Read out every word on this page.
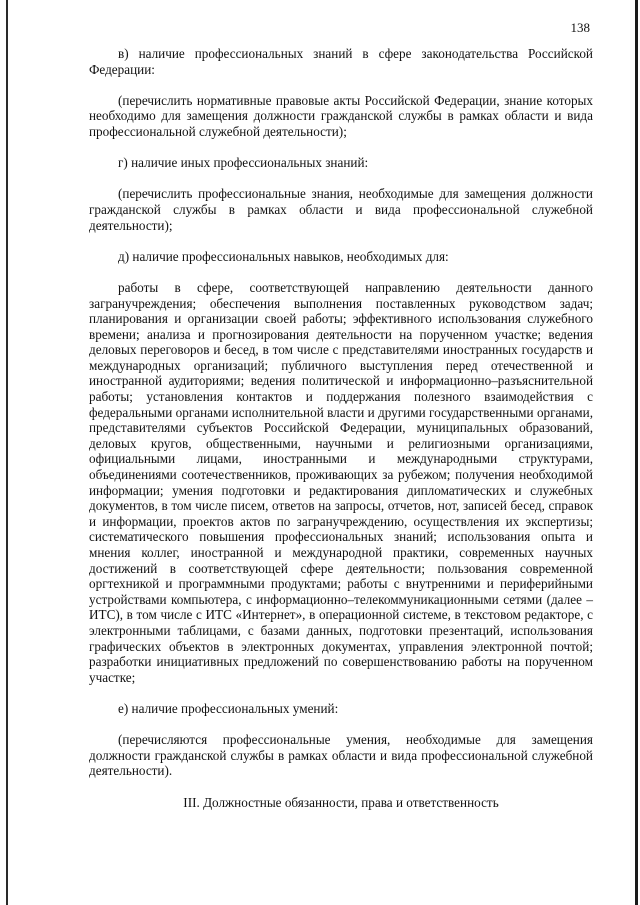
138

в) наличие профессиональных знаний в сфере законодательства Российской Федерации:

(перечислить нормативные правовые акты Российской Федерации, знание которых необходимо для замещения должности гражданской службы в рамках области и вида профессиональной служебной деятельности);

г) наличие иных профессиональных знаний:

(перечислить профессиональные знания, необходимые для замещения должности гражданской службы в рамках области и вида профессиональной служебной деятельности);

д) наличие профессиональных навыков, необходимых для:

работы в сфере, соответствующей направлению деятельности данного загранучреждения; обеспечения выполнения поставленных руководством задач; планирования и организации своей работы; эффективного использования служебного времени; анализа и прогнозирования деятельности на порученном участке; ведения деловых переговоров и бесед, в том числе с представителями иностранных государств и международных организаций; публичного выступления перед отечественной и иностранной аудиториями; ведения политической и информационно–разъяснительной работы; установления контактов и поддержания полезного взаимодействия с федеральными органами исполнительной власти и другими государственными органами, представителями субъектов Российской Федерации, муниципальных образований, деловых кругов, общественными, научными и религиозными организациями, официальными лицами, иностранными и международными структурами, объединениями соотечественников, проживающих за рубежом; получения необходимой информации; умения подготовки и редактирования дипломатических и служебных документов, в том числе писем, ответов на запросы, отчетов, нот, записей бесед, справок и информации, проектов актов по загранучреждению, осуществления их экспертизы; систематического повышения профессиональных знаний; использования опыта и мнения коллег, иностранной и международной практики, современных научных достижений в соответствующей сфере деятельности; пользования современной оргтехникой и программными продуктами; работы с внутренними и периферийными устройствами компьютера, с информационно–телекоммуникационными сетями (далее – ИТС), в том числе с ИТС «Интернет», в операционной системе, в текстовом редакторе, с электронными таблицами, с базами данных, подготовки презентаций, использования графических объектов в электронных документах, управления электронной почтой; разработки инициативных предложений по совершенствованию работы на порученном участке;

е) наличие профессиональных умений:

(перечисляются профессиональные умения, необходимые для замещения должности гражданской службы в рамках области и вида профессиональной служебной деятельности).

III. Должностные обязанности, права и ответственность
